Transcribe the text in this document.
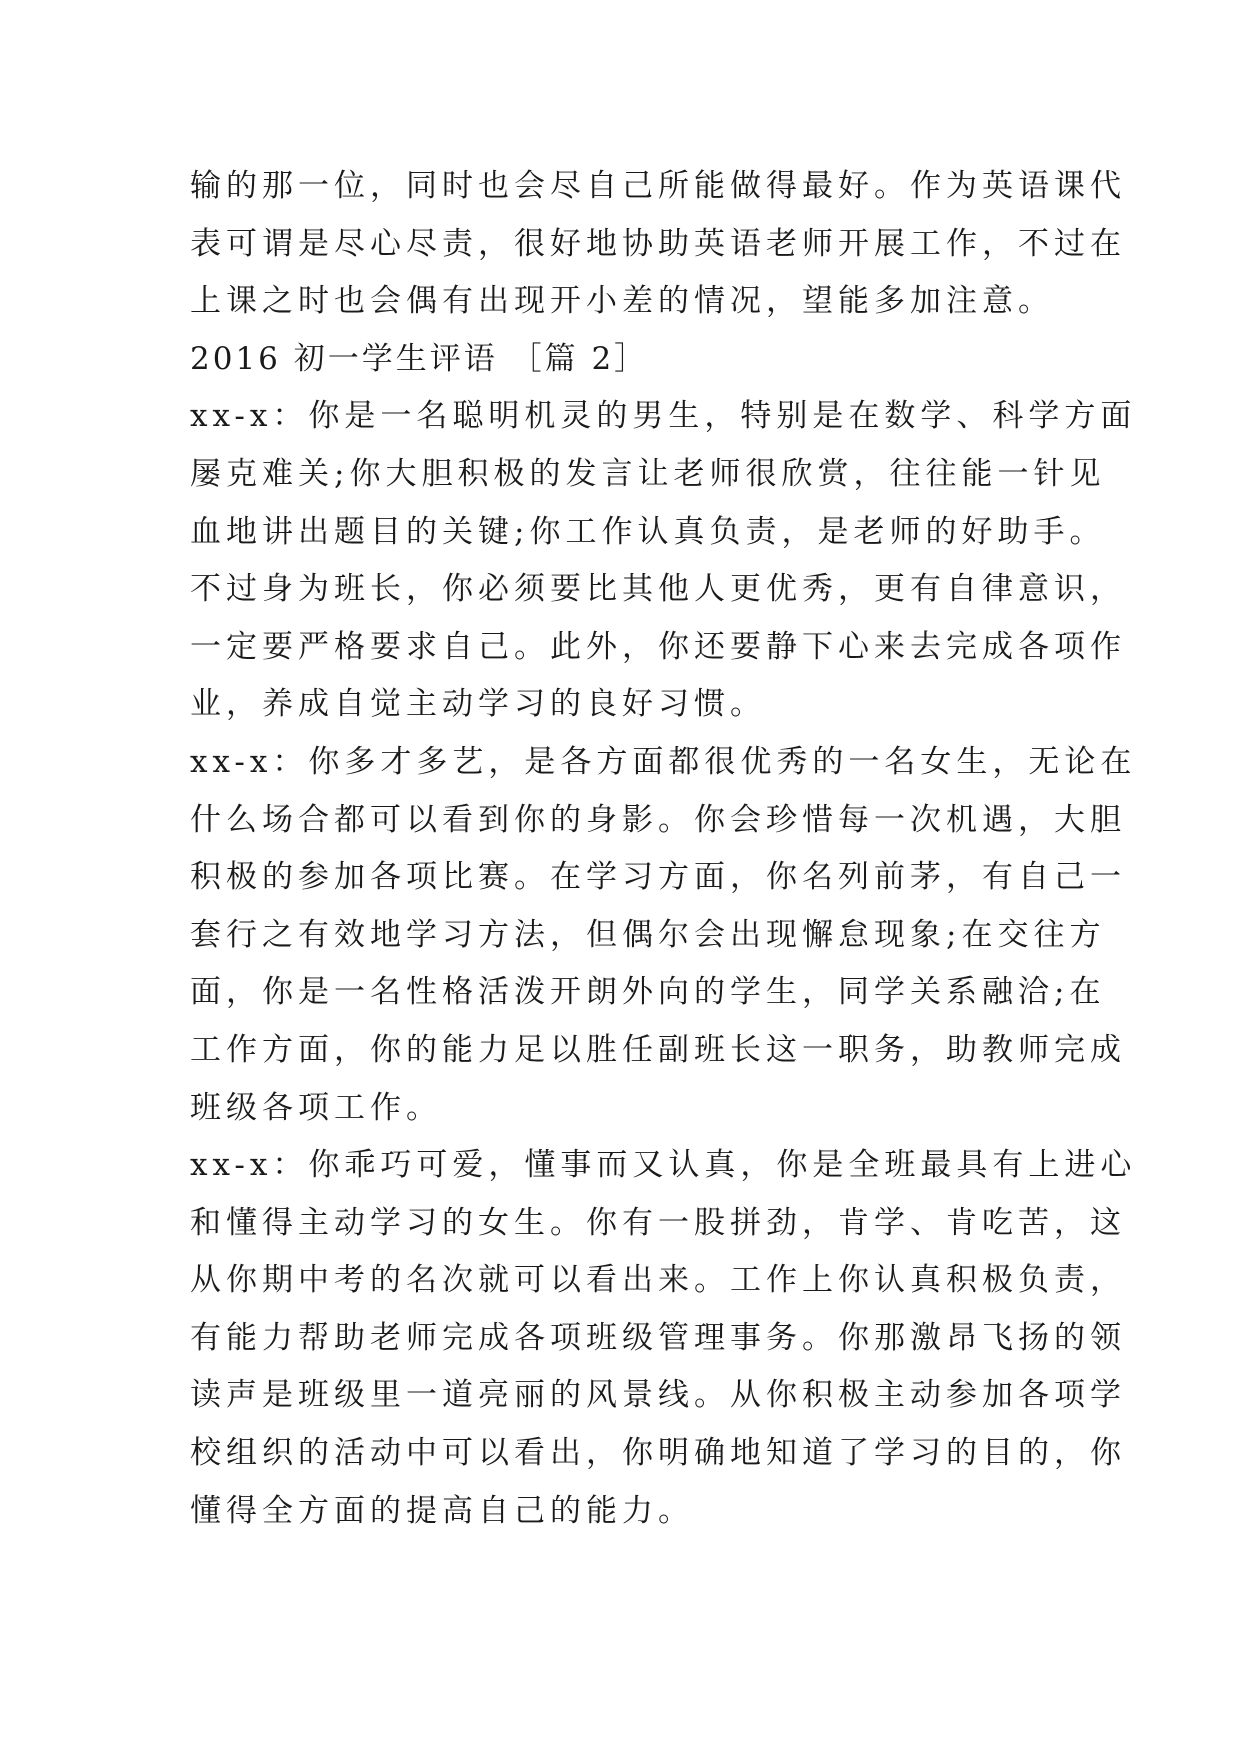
输的那一位，同时也会尽自己所能做得最好。作为英语课代
表可谓是尽心尽责，很好地协助英语老师开展工作，不过在
上课之时也会偶有出现开小差的情况，望能多加注意。
2016 初一学生评语 ［篇 2］
xx-x：你是一名聪明机灵的男生，特别是在数学、科学方面
屡克难关;你大胆积极的发言让老师很欣赏，往往能一针见
血地讲出题目的关键;你工作认真负责，是老师的好助手。
不过身为班长，你必须要比其他人更优秀，更有自律意识，
一定要严格要求自己。此外，你还要静下心来去完成各项作
业，养成自觉主动学习的良好习惯。
xx-x：你多才多艺，是各方面都很优秀的一名女生，无论在
什么场合都可以看到你的身影。你会珍惜每一次机遇，大胆
积极的参加各项比赛。在学习方面，你名列前茅，有自己一
套行之有效地学习方法，但偶尔会出现懈怠现象;在交往方
面，你是一名性格活泼开朗外向的学生，同学关系融洽;在
工作方面，你的能力足以胜任副班长这一职务，助教师完成
班级各项工作。
xx-x：你乖巧可爱，懂事而又认真，你是全班最具有上进心
和懂得主动学习的女生。你有一股拼劲，肯学、肯吃苦，这
从你期中考的名次就可以看出来。工作上你认真积极负责，
有能力帮助老师完成各项班级管理事务。你那激昂飞扬的领
读声是班级里一道亮丽的风景线。从你积极主动参加各项学
校组织的活动中可以看出，你明确地知道了学习的目的，你
懂得全方面的提高自己的能力。
